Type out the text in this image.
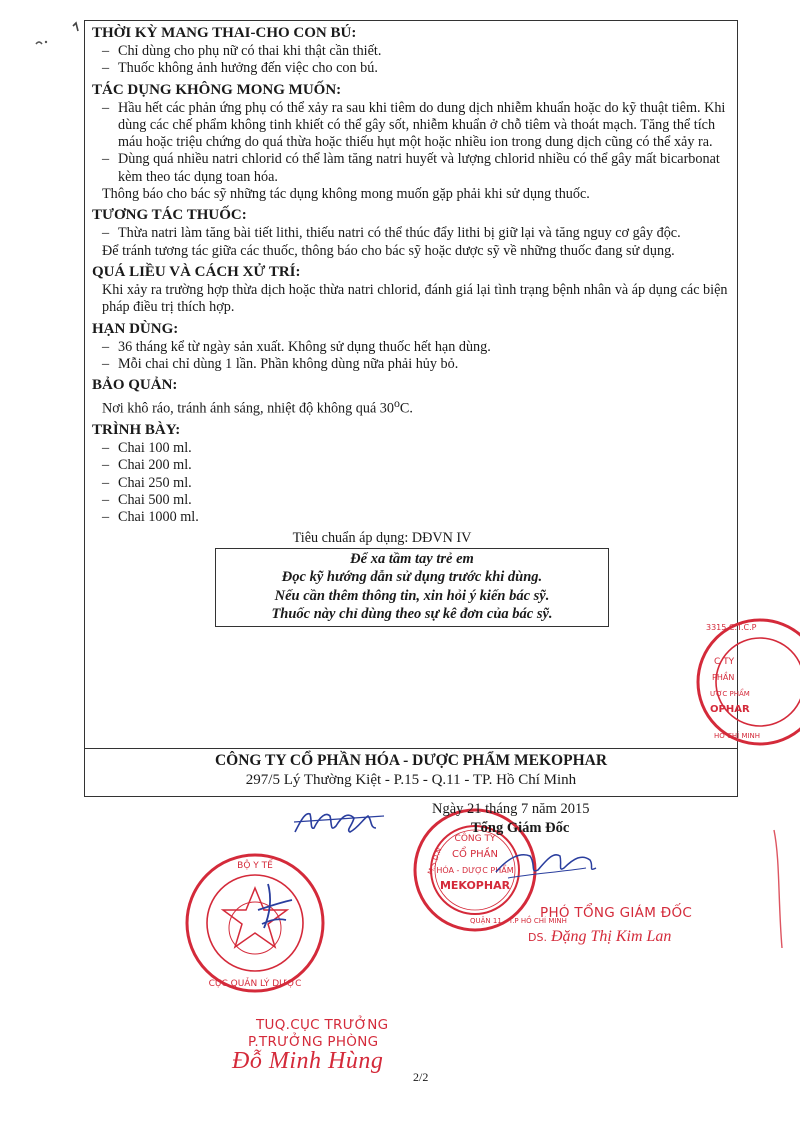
THỜI KỲ MANG THAI-CHO CON BÚ:

– Chỉ dùng cho phụ nữ có thai khi thật cần thiết.

– Thuốc không ảnh hưởng đến việc cho con bú.

TÁC DỤNG KHÔNG MONG MUỐN:

– Hầu hết các phản ứng phụ có thể xảy ra sau khi tiêm do dung dịch nhiễm khuẩn hoặc do kỹ thuật tiêm. Khi dùng các chế phẩm không tinh khiết có thể gây sốt, nhiễm khuẩn ở chỗ tiêm và thoát mạch. Tăng thể tích máu hoặc triệu chứng do quá thừa hoặc thiếu hụt một hoặc nhiều ion trong dung dịch cũng có thể xảy ra.

– Dùng quá nhiều natri chlorid có thể làm tăng natri huyết và lượng chlorid nhiều có thể gây mất bicarbonat kèm theo tác dụng toan hóa.

Thông báo cho bác sỹ những tác dụng không mong muốn gặp phải khi sử dụng thuốc.

TƯƠNG TÁC THUỐC:

– Thừa natri làm tăng bài tiết lithi, thiếu natri có thể thúc đẩy lithi bị giữ lại và tăng nguy cơ gây độc.

Để tránh tương tác giữa các thuốc, thông báo cho bác sỹ hoặc dược sỹ về những thuốc đang sử dụng.

QUÁ LIỀU VÀ CÁCH XỬ TRÍ:

Khi xảy ra trường hợp thừa dịch hoặc thừa natri chlorid, đánh giá lại tình trạng bệnh nhân và áp dụng các biện pháp điều trị thích hợp.

HẠN DÙNG:

– 36 tháng kể từ ngày sản xuất. Không sử dụng thuốc hết hạn dùng.

– Mỗi chai chỉ dùng 1 lần. Phần không dùng nữa phải hủy bỏ.

BẢO QUẢN:

Nơi khô ráo, tránh ánh sáng, nhiệt độ không quá 30$^o$C.

TRÌNH BÀY:

– Chai 100 ml.

– Chai 200 ml.

– Chai 250 ml.

– Chai 500 ml.

– Chai 1000 ml.

Tiêu chuẩn áp dụng: DĐVN IV

Để xa tầm tay trẻ em
Đọc kỹ hướng dẫn sử dụng trước khi dùng.
Nếu cần thêm thông tin, xin hỏi ý kiến bác sỹ.
Thuốc này chỉ dùng theo sự kê đơn của bác sỹ.
CÔNG TY CỔ PHẦN HÓA - DƯỢC PHẨM MEKOPHAR
297/5 Lý Thường Kiệt - P.15 - Q.11 - TP. Hồ Chí Minh
CÔNG TY
CỔ PHẦN
HÓA - DƯỢC PHẨM
MEKOPHAR
M.S.D.N
QUẬN 11 - T.P HỒ CHÍ MINH
Ngày 21 tháng 7 năm 2015
Tổng Giám Đốc
PHÓ TỔNG GIÁM ĐỐC
DS. Đặng Thị Kim Lan
BỘ Y TẾ
CỤC QUẢN LÝ DƯỢC
TUQ.CỤC TRƯỞNG
P.TRƯỞNG PHÒNG
Đỗ Minh Hùng
2/2
3315 C.T.C.P
C TY
PHẦN
ƯỢC PHẨM
OPHAR
HỒ CHÍ MINH
